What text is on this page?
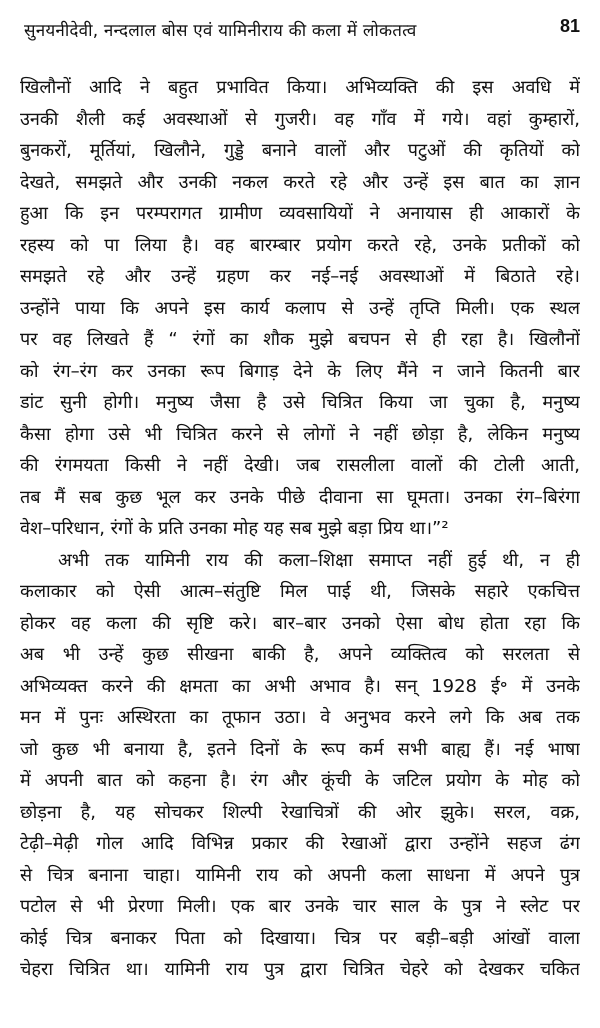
सुनयनीदेवी, नन्दलाल बोस एवं यामिनीराय की कला में लोकतत्व	81
खिलौनों आदि ने बहुत प्रभावित किया। अभिव्यक्ति की इस अवधि में
उनकी शैली कई अवस्थाओं से गुजरी। वह गाँव में गये। वहां कुम्हारों,
बुनकरों, मूर्तियां, खिलौने, गुड्डे बनाने वालों और पटुओं की कृतियों को
देखते, समझते और उनकी नकल करते रहे और उन्हें इस बात का ज्ञान
हुआ कि इन परम्परागत ग्रामीण व्यवसायियों ने अनायास ही आकारों के
रहस्य को पा लिया है। वह बारम्बार प्रयोग करते रहे, उनके प्रतीकों को
समझते रहे और उन्हें ग्रहण कर नई–नई अवस्थाओं में बिठाते रहे।
उन्होंने पाया कि अपने इस कार्य कलाप से उन्हें तृप्ति मिली। एक स्थल
पर वह लिखते हैं “ रंगों का शौक मुझे बचपन से ही रहा है। खिलौनों
को रंग–रंग कर उनका रूप बिगाड़ देने के लिए मैंने न जाने कितनी बार
डांट सुनी होगी। मनुष्य जैसा है उसे चित्रित किया जा चुका है, मनुष्य
कैसा होगा उसे भी चित्रित करने से लोगों ने नहीं छोड़ा है, लेकिन मनुष्य
की रंगमयता किसी ने नहीं देखी। जब रासलीला वालों की टोली आती,
तब मैं सब कुछ भूल कर उनके पीछे दीवाना सा घूमता। उनका रंग–बिरंगा
वेश–परिधान, रंगों के प्रति उनका मोह यह सब मुझे बड़ा प्रिय था।”²
अभी तक यामिनी राय की कला–शिक्षा समाप्त नहीं हुई थी, न ही
कलाकार को ऐसी आत्म–संतुष्टि मिल पाई थी, जिसके सहारे एकचित्त
होकर वह कला की सृष्टि करे। बार–बार उनको ऐसा बोध होता रहा कि
अब भी उन्हें कुछ सीखना बाकी है, अपने व्यक्तित्व को सरलता से
अभिव्यक्त करने की क्षमता का अभी अभाव है। सन् 1928 ई॰ में उनके
मन में पुनः अस्थिरता का तूफान उठा। वे अनुभव करने लगे कि अब तक
जो कुछ भी बनाया है, इतने दिनों के रूप कर्म सभी बाह्य हैं। नई भाषा
में अपनी बात को कहना है। रंग और कूंची के जटिल प्रयोग के मोह को
छोड़ना है, यह सोचकर शिल्पी रेखाचित्रों की ओर झुके। सरल, वक्र,
टेढ़ी–मेढ़ी गोल आदि विभिन्न प्रकार की रेखाओं द्वारा उन्होंने सहज ढंग
से चित्र बनाना चाहा। यामिनी राय को अपनी कला साधना में अपने पुत्र
पटोल से भी प्रेरणा मिली। एक बार उनके चार साल के पुत्र ने स्लेट पर
कोई चित्र बनाकर पिता को दिखाया। चित्र पर बड़ी–बड़ी आंखों वाला
चेहरा चित्रित था। यामिनी राय पुत्र द्वारा चित्रित चेहरे को देखकर चकित
